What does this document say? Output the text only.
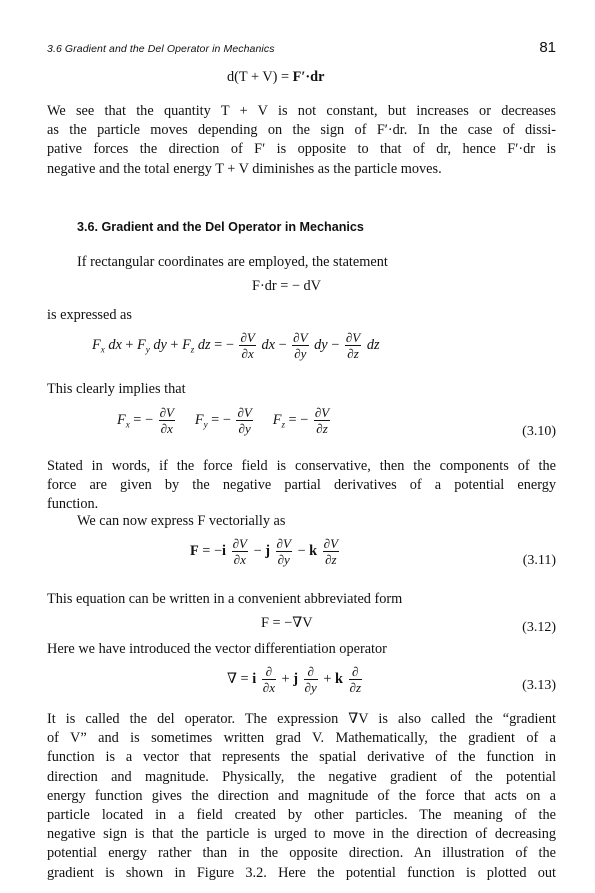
3.6 Gradient and the Del Operator in Mechanics	81
d(T + V) = F′·dr
We see that the quantity T + V is not constant, but increases or decreases
as the particle moves depending on the sign of F′·dr. In the case of dissi-
pative forces the direction of F′ is opposite to that of dr, hence F′·dr is
negative and the total energy T + V diminishes as the particle moves.
3.6. Gradient and the Del Operator in Mechanics
If rectangular coordinates are employed, the statement
F·dr = − dV
is expressed as
$F_x$ dx + $F_y$ dy + $F_z$ dz = − $\frac{\partial V}{\partial x}$ dx − $\frac{\partial V}{\partial y}$ dy − $\frac{\partial V}{\partial z}$ dz
This clearly implies that
$F_x$ = − $\frac{\partial V}{\partial x} F_y$ = − $\frac{\partial V}{\partial y} F_z$ = − $\frac{\partial V}{\partial z}$	(3.10)
Stated in words, if the force field is conservative, then the components of the
force are given by the negative partial derivatives of a potential energy
function.
We can now express F vectorially as
$F = -i \frac{\partial V}{\partial x} - j \frac{\partial V}{\partial y} - k \frac{\partial V}{\partial z}$	(3.11)
This equation can be written in a convenient abbreviated form
F = −∇V	(3.12)
Here we have introduced the vector differentiation operator
∇ = i $\frac{\partial}{\partial x} + j \frac{\partial}{\partial y} + k \frac{\partial}{\partial z}$	(3.13)
It is called the del operator. The expression ∇V is also called the “gradient
of V” and is sometimes written grad V. Mathematically, the gradient of a
function is a vector that represents the spatial derivative of the function in
direction and magnitude. Physically, the negative gradient of the potential
energy function gives the direction and magnitude of the force that acts on a
particle located in a field created by other particles. The meaning of the
negative sign is that the particle is urged to move in the direction of decreasing
potential energy rather than in the opposite direction. An illustration of the
gradient is shown in Figure 3.2. Here the potential function is plotted out
